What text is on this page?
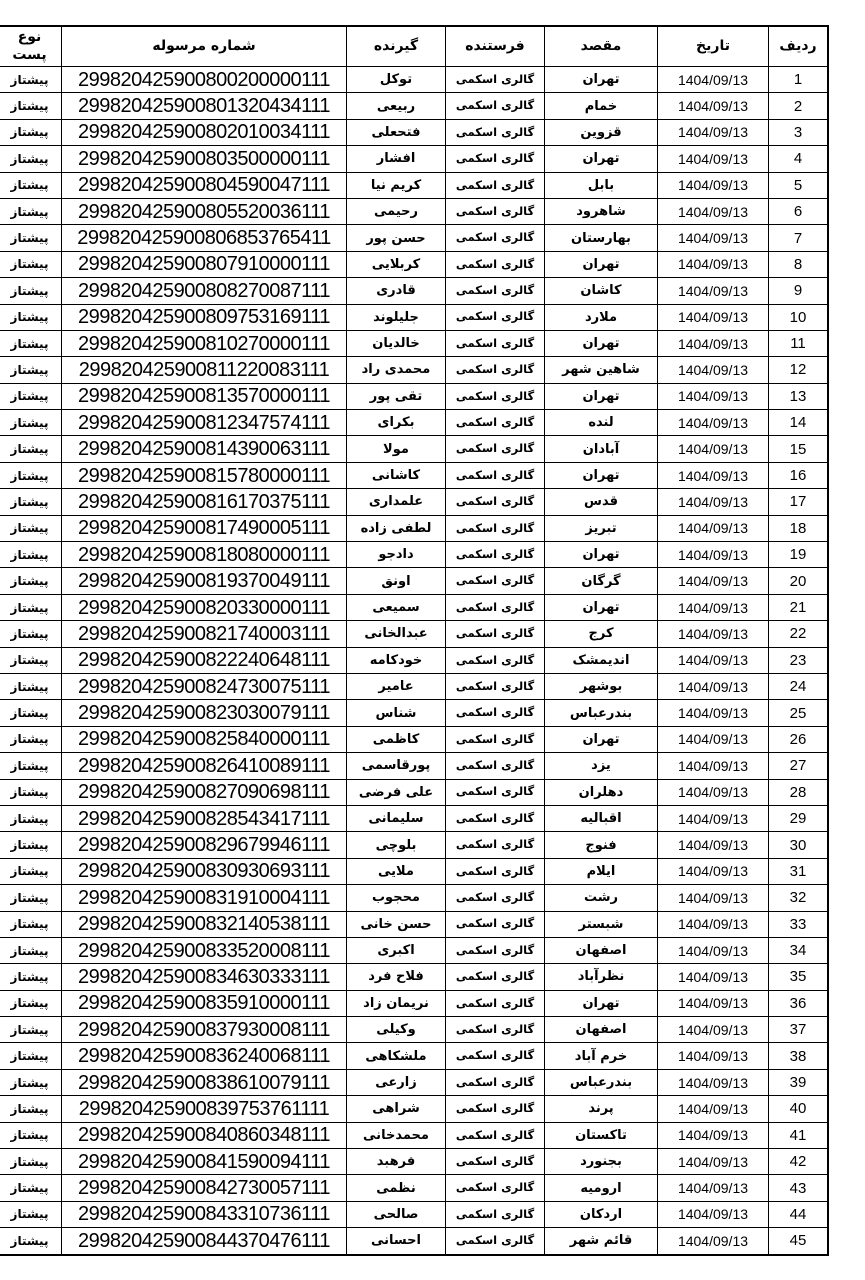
ردیف	تاریخ	مقصد	فرستنده	گیرنده	شماره مرسوله	نوع پست
1	1404/09/13	تهران	گالری اسکمی	توکل	299820425900800200000111	پیشتاز
2	1404/09/13	خمام	گالری اسکمی	ربیعی	299820425900801320434111	پیشتاز
3	1404/09/13	قزوین	گالری اسکمی	فتحعلی	299820425900802010034111	پیشتاز
4	1404/09/13	تهران	گالری اسکمی	افشار	299820425900803500000111	پیشتاز
5	1404/09/13	بابل	گالری اسکمی	کریم نیا	299820425900804590047111	پیشتاز
6	1404/09/13	شاهرود	گالری اسکمی	رحیمی	299820425900805520036111	پیشتاز
7	1404/09/13	بهارستان	گالری اسکمی	حسن پور	299820425900806853765411	پیشتاز
8	1404/09/13	تهران	گالری اسکمی	کربلایی	299820425900807910000111	پیشتاز
9	1404/09/13	کاشان	گالری اسکمی	قادری	299820425900808270087111	پیشتاز
10	1404/09/13	ملارد	گالری اسکمی	جلیلوند	299820425900809753169111	پیشتاز
11	1404/09/13	تهران	گالری اسکمی	خالدیان	299820425900810270000111	پیشتاز
12	1404/09/13	شاهین شهر	گالری اسکمی	محمدی راد	299820425900811220083111	پیشتاز
13	1404/09/13	تهران	گالری اسکمی	تقی پور	299820425900813570000111	پیشتاز
14	1404/09/13	لنده	گالری اسکمی	بکرای	299820425900812347574111	پیشتاز
15	1404/09/13	آبادان	گالری اسکمی	مولا	299820425900814390063111	پیشتاز
16	1404/09/13	تهران	گالری اسکمی	کاشانی	299820425900815780000111	پیشتاز
17	1404/09/13	قدس	گالری اسکمی	علمداری	299820425900816170375111	پیشتاز
18	1404/09/13	تبریز	گالری اسکمی	لطفی زاده	299820425900817490005111	پیشتاز
19	1404/09/13	تهران	گالری اسکمی	دادجو	299820425900818080000111	پیشتاز
20	1404/09/13	گرگان	گالری اسکمی	اونق	299820425900819370049111	پیشتاز
21	1404/09/13	تهران	گالری اسکمی	سمیعی	299820425900820330000111	پیشتاز
22	1404/09/13	کرج	گالری اسکمی	عبدالخانی	299820425900821740003111	پیشتاز
23	1404/09/13	اندیمشک	گالری اسکمی	خودکامه	299820425900822240648111	پیشتاز
24	1404/09/13	بوشهر	گالری اسکمی	عامیر	299820425900824730075111	پیشتاز
25	1404/09/13	بندرعباس	گالری اسکمی	شناس	299820425900823030079111	پیشتاز
26	1404/09/13	تهران	گالری اسکمی	کاظمی	299820425900825840000111	پیشتاز
27	1404/09/13	یزد	گالری اسکمی	پورقاسمی	299820425900826410089111	پیشتاز
28	1404/09/13	دهلران	گالری اسکمی	علی فرضی	299820425900827090698111	پیشتاز
29	1404/09/13	اقبالیه	گالری اسکمی	سلیمانی	299820425900828543417111	پیشتاز
30	1404/09/13	فنوج	گالری اسکمی	بلوچی	299820425900829679946111	پیشتاز
31	1404/09/13	ایلام	گالری اسکمی	ملایی	299820425900830930693111	پیشتاز
32	1404/09/13	رشت	گالری اسکمی	محجوب	299820425900831910004111	پیشتاز
33	1404/09/13	شبستر	گالری اسکمی	حسن خانی	299820425900832140538111	پیشتاز
34	1404/09/13	اصفهان	گالری اسکمی	اکبری	299820425900833520008111	پیشتاز
35	1404/09/13	نظرآباد	گالری اسکمی	فلاح فرد	299820425900834630333111	پیشتاز
36	1404/09/13	تهران	گالری اسکمی	نریمان زاد	299820425900835910000111	پیشتاز
37	1404/09/13	اصفهان	گالری اسکمی	وکیلی	299820425900837930008111	پیشتاز
38	1404/09/13	خرم آباد	گالری اسکمی	ملشکاهی	299820425900836240068111	پیشتاز
39	1404/09/13	بندرعباس	گالری اسکمی	زارعی	299820425900838610079111	پیشتاز
40	1404/09/13	پرند	گالری اسکمی	شراهی	299820425900839753761111	پیشتاز
41	1404/09/13	تاکستان	گالری اسکمی	محمدخانی	299820425900840860348111	پیشتاز
42	1404/09/13	بجنورد	گالری اسکمی	فرهبد	299820425900841590094111	پیشتاز
43	1404/09/13	ارومیه	گالری اسکمی	نظمی	299820425900842730057111	پیشتاز
44	1404/09/13	اردکان	گالری اسکمی	صالحی	299820425900843310736111	پیشتاز
45	1404/09/13	قائم شهر	گالری اسکمی	احسانی	299820425900844370476111	پیشتاز
